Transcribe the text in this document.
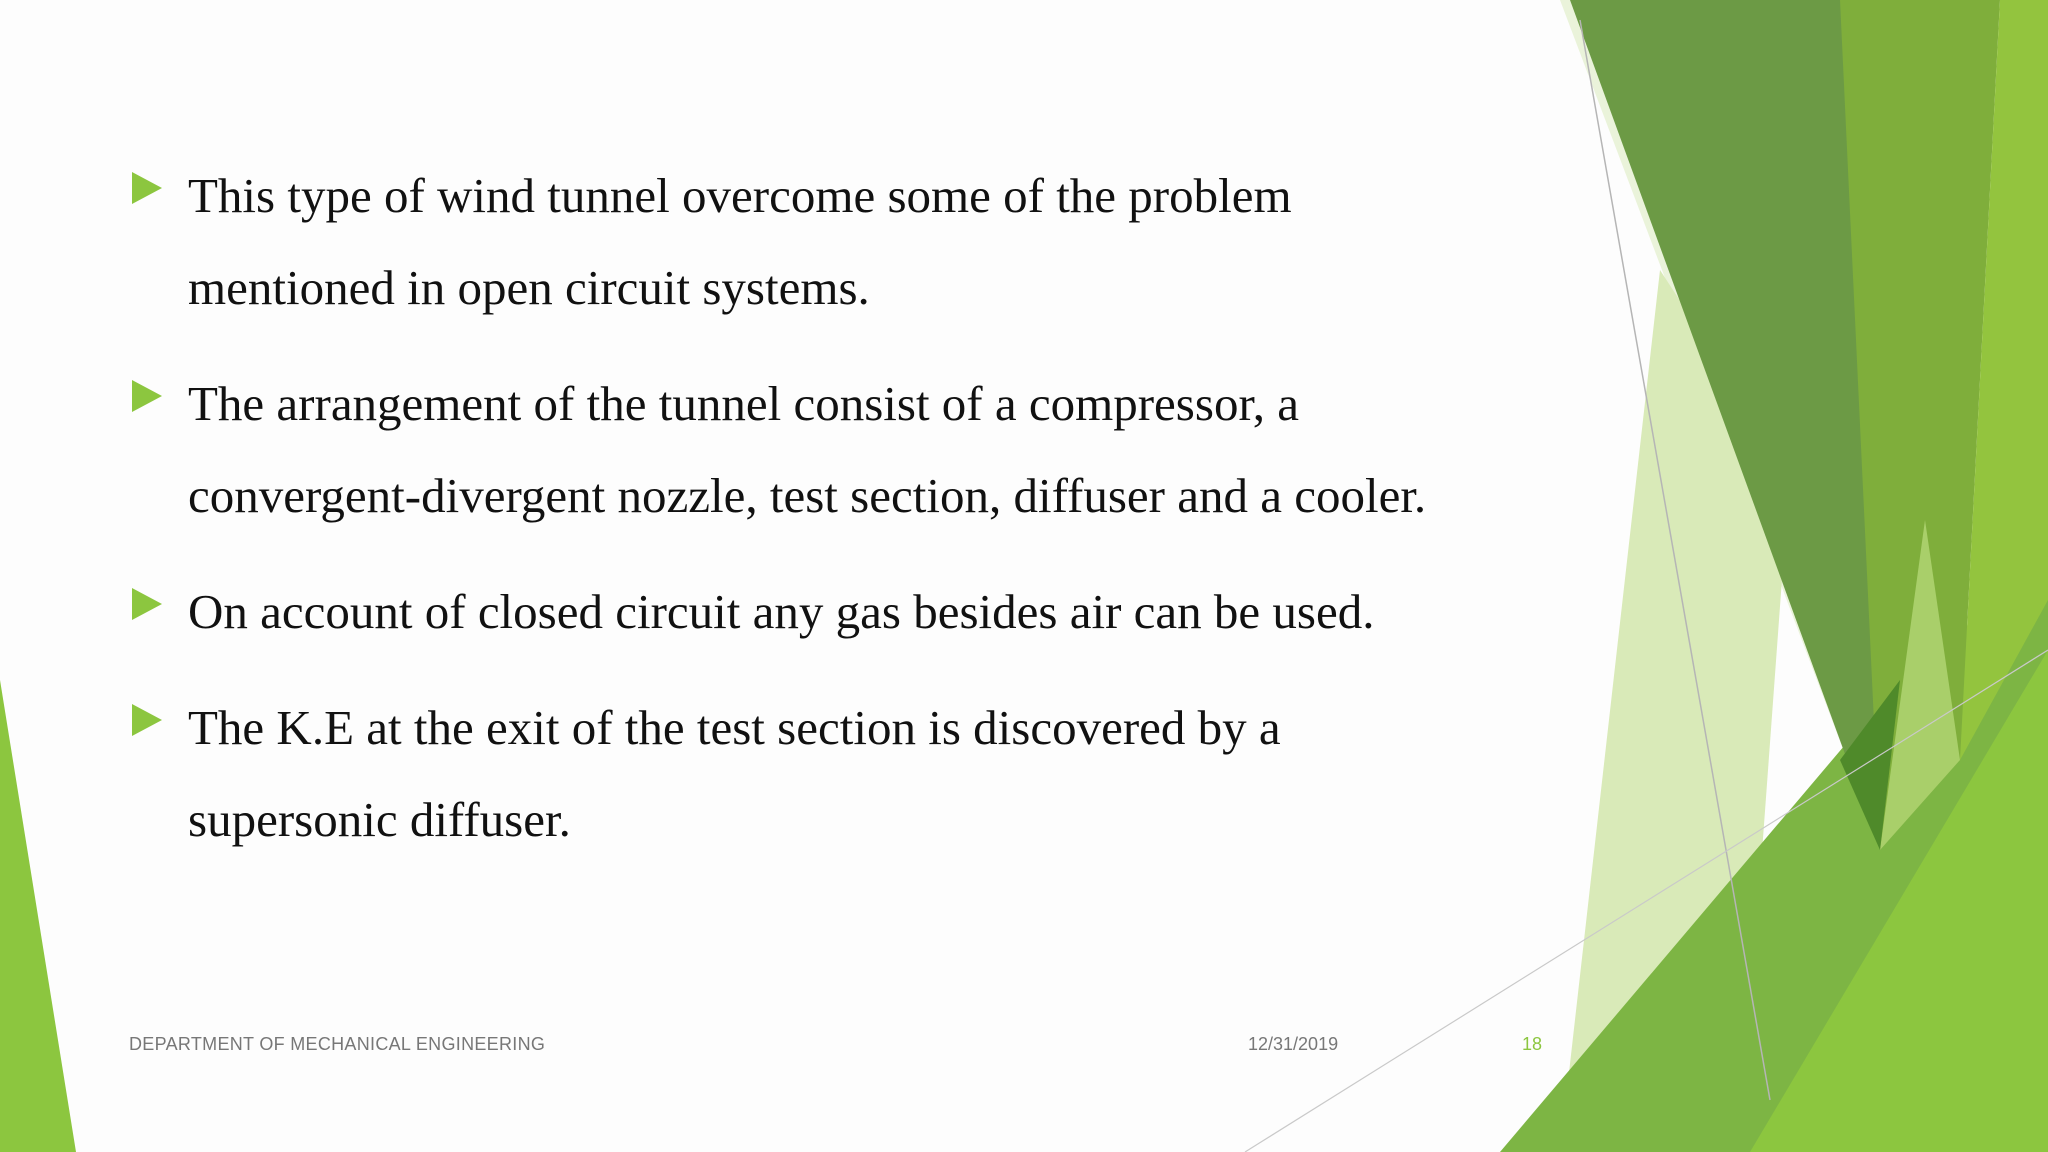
This type of wind tunnel overcome some of the problem mentioned in open circuit systems.
The arrangement of the tunnel consist of a compressor, a convergent-divergent nozzle, test section, diffuser and a cooler.
On account of closed circuit any gas besides air can be used.
The K.E at the exit of the test section is discovered by a supersonic diffuser.
DEPARTMENT OF MECHANICAL ENGINEERING	12/31/2019	18
